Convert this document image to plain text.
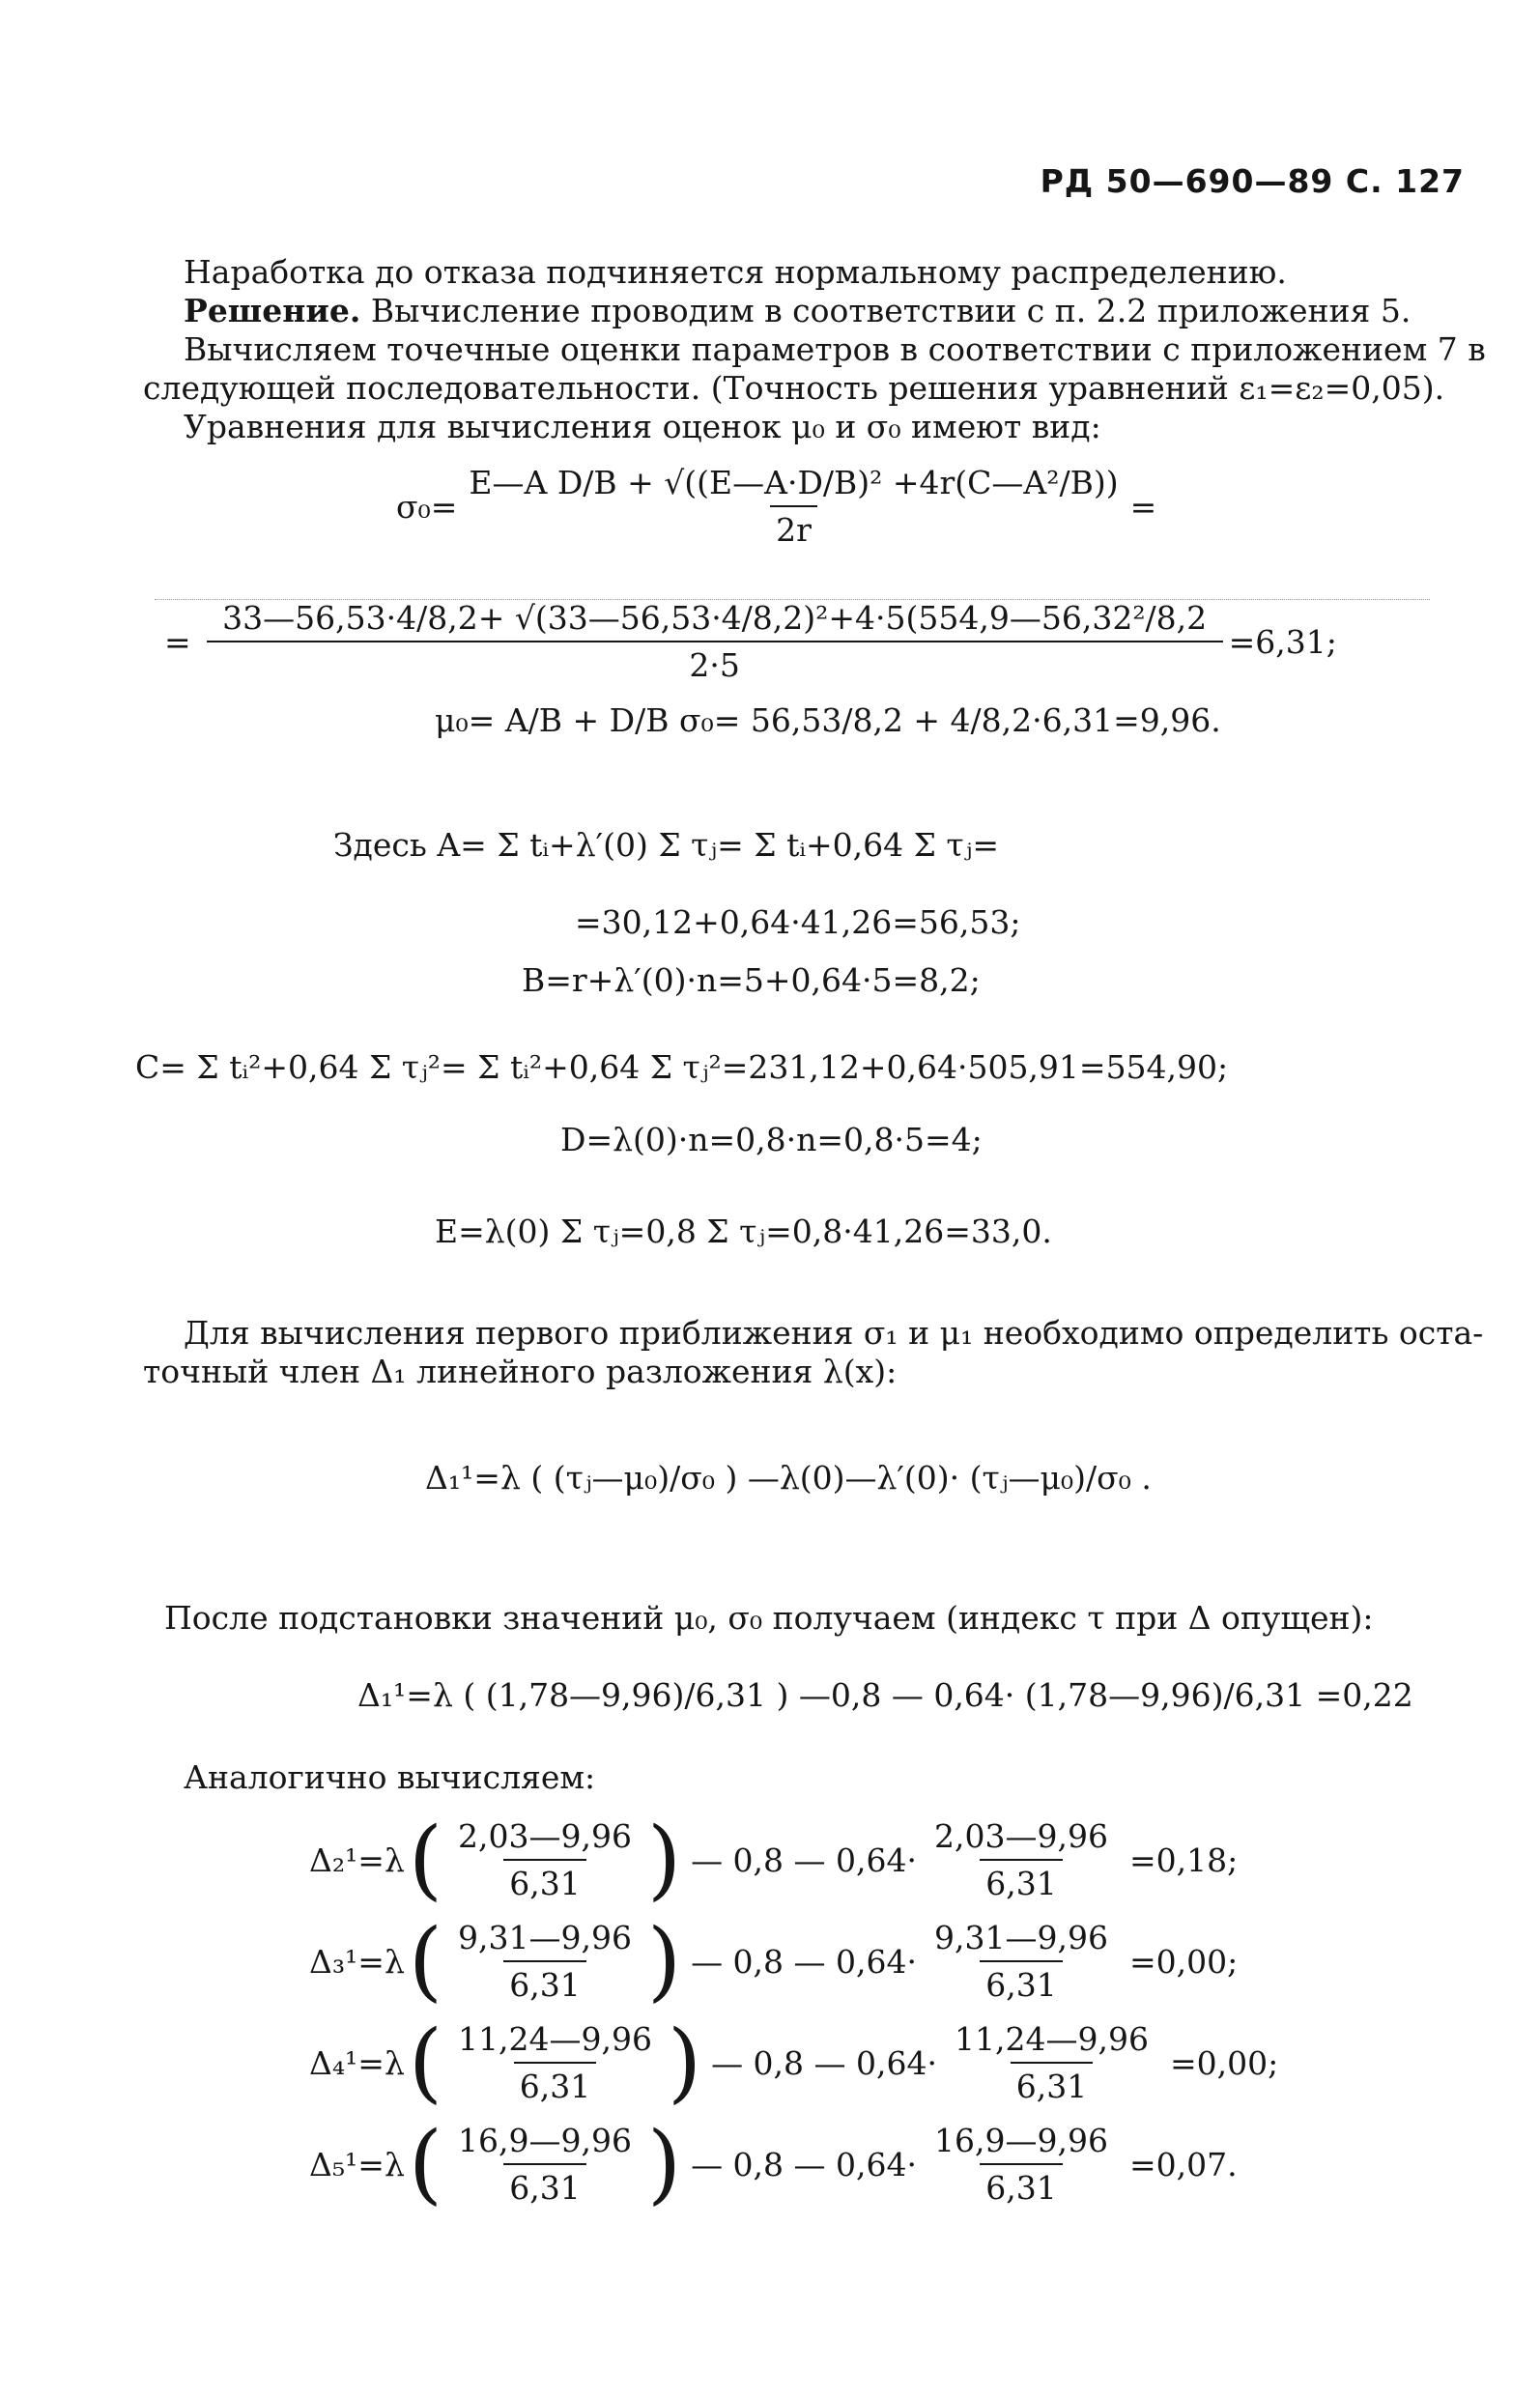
РД 50—690—89 С. 127
Наработка до отказа подчиняется нормальному распределению.
Решение. Вычисление проводим в соответствии с п. 2.2 приложения 5.
Вычисляем точечные оценки параметров в соответствии с приложением 7 в
следующей последовательности. (Точность решения уравнений ε₁=ε₂=0,05).
Уравнения для вычисления оценок μ₀ и σ₀ имеют вид:
$\sigma_0= \frac{\text{E—A D/B + √((E—A·D/B)² +4r(C—A²/B))}}{2r}$ =
= $\frac{\text{33—56,53·4/8,2+ √(33—56,53·4/8,2)²+4·5(554,9—56,32²/8,2}}{2\cdot 5} =6,31$;
μ₀= A/B + D/B σ₀= 56,53/8,2 + 4/8,2·6,31=9,96.
Здесь A= Σ tᵢ+λ′(0) Σ τⱼ= Σ tᵢ+0,64 Σ τⱼ=
=30,12+0,64·41,26=56,53;
B=r+λ′(0)·n=5+0,64·5=8,2;
C= Σ tᵢ²+0,64 Σ τⱼ²= Σ tᵢ²+0,64 Σ τⱼ²=231,12+0,64·505,91=554,90;
D=λ(0)·n=0,8·n=0,8·5=4;
E=λ(0) Σ τⱼ=0,8 Σ τⱼ=0,8·41,26=33,0.
Для вычисления первого приближения σ₁ и μ₁ необходимо определить оста-
точный член Δ₁ линейного разложения λ(x):
Δ₁¹=λ ( (τⱼ—μ₀)/σ₀ ) —λ(0)—λ′(0)· (τⱼ—μ₀)/σ₀ .
После подстановки значений μ₀, σ₀ получаем (индекс τ при Δ опущен):
Δ₁¹=λ ( (1,78—9,96)/6,31 ) —0,8 — 0,64· (1,78—9,96)/6,31 =0,22
Аналогично вычисляем:
Δ₂¹=λ ( $\frac{2,03—9,96}{6,31}$ ) — 0,8 — $0,64\cdot \frac{2,03—9,96}{6,31} =0,18$;
Δ₃¹=λ ( $\frac{9,31—9,96}{6,31}$ ) — 0,8 — $0,64\cdot \frac{9,31—9,96}{6,31} =0,00$;
Δ₄¹=λ ( $\frac{11,24—9,96}{6,31}$ ) — 0,8 — $0,64\cdot \frac{11,24—9,96}{6,31} =0,00$;
Δ₅¹=λ ( $\frac{16,9—9,96}{6,31}$ ) — 0,8 — $0,64\cdot \frac{16,9—9,96}{6,31} =0,07$.
